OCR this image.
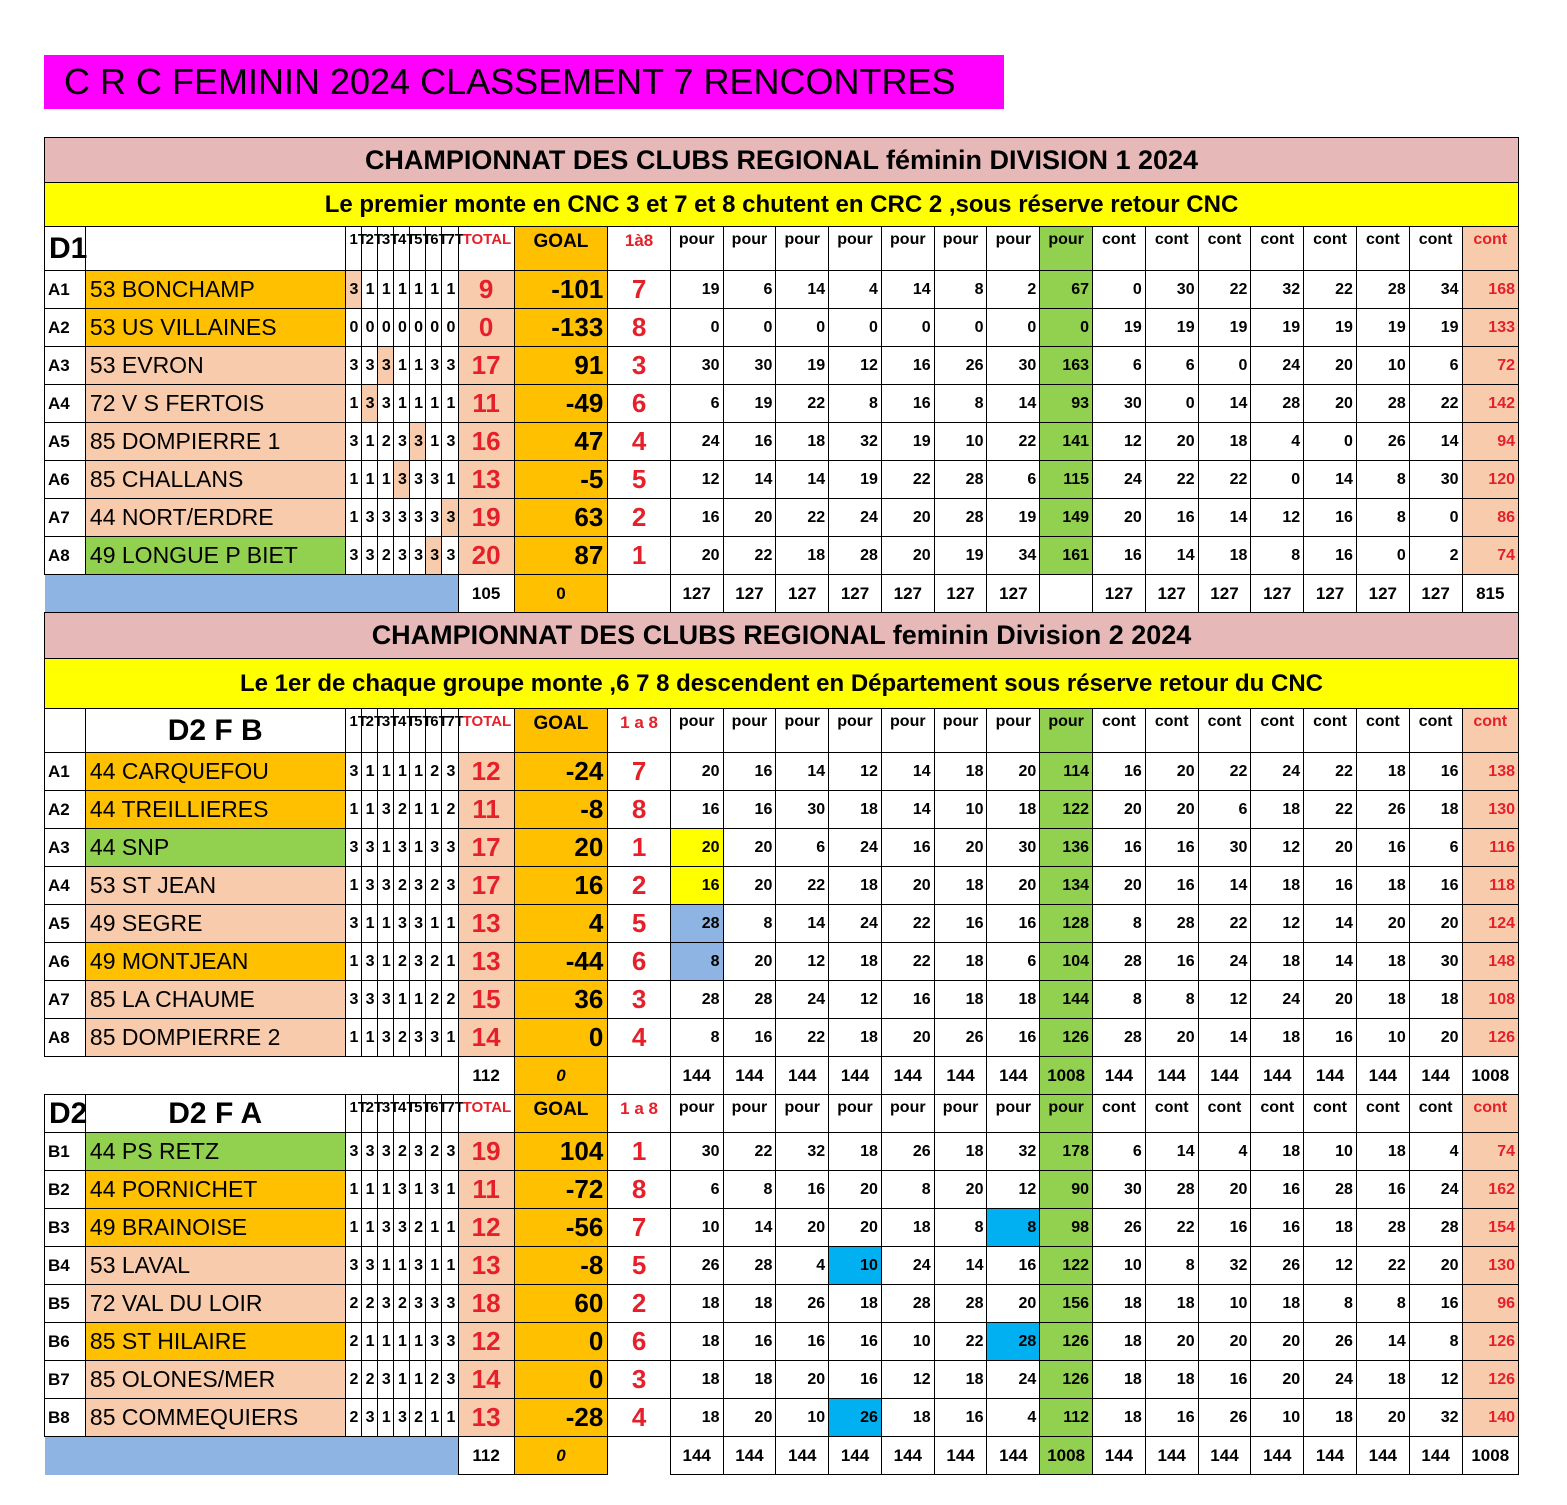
C R C FEMININ 2024 CLASSEMENT 7 RENCONTRES
CHAMPIONNAT DES CLUBS REGIONAL féminin DIVISION 1 2024																											
Le premier monte en CNC 3 et 7 et 8 chutent en CRC 2 ,sous réserve retour CNC																											
D1		1T	2T	3T	4T	5T	6T	7T	TOTAL	GOAL	1à8	pour	pour	pour	pour	pour	pour	pour	pour	cont	cont	cont	cont	cont	cont	cont	cont
A1	53 BONCHAMP	3	1	1	1	1	1	1	9	-101	7	19	6	14	4	14	8	2	67	0	30	22	32	22	28	34	168
A2	53 US VILLAINES	0	0	0	0	0	0	0	0	-133	8	0	0	0	0	0	0	0	0	19	19	19	19	19	19	19	133
A3	53 EVRON	3	3	3	1	1	3	3	17	91	3	30	30	19	12	16	26	30	163	6	6	0	24	20	10	6	72
A4	72 V S FERTOIS	1	3	3	1	1	1	1	11	-49	6	6	19	22	8	16	8	14	93	30	0	14	28	20	28	22	142
A5	85 DOMPIERRE 1	3	1	2	3	3	1	3	16	47	4	24	16	18	32	19	10	22	141	12	20	18	4	0	26	14	94
A6	85 CHALLANS	1	1	1	3	3	3	1	13	-5	5	12	14	14	19	22	28	6	115	24	22	22	0	14	8	30	120
A7	44 NORT/ERDRE	1	3	3	3	3	3	3	19	63	2	16	20	22	24	20	28	19	149	20	16	14	12	16	8	0	86
A8	49 LONGUE P BIET	3	3	2	3	3	3	3	20	87	1	20	22	18	28	20	19	34	161	16	14	18	8	16	0	2	74
									105	0		127	127	127	127	127	127	127		127	127	127	127	127	127	127	815
CHAMPIONNAT DES CLUBS REGIONAL feminin Division 2 2024																											
Le 1er de chaque groupe monte ,6 7 8 descendent en Département sous réserve retour du CNC																											
	D2 F B	1T	2T	3T	4T	5T	6T	7T	TOTAL	GOAL	1 a 8	pour	pour	pour	pour	pour	pour	pour	pour	cont	cont	cont	cont	cont	cont	cont	cont
A1	44 CARQUEFOU	3	1	1	1	1	2	3	12	-24	7	20	16	14	12	14	18	20	114	16	20	22	24	22	18	16	138
A2	44 TREILLIERES	1	1	3	2	1	1	2	11	-8	8	16	16	30	18	14	10	18	122	20	20	6	18	22	26	18	130
A3	44 SNP	3	3	1	3	1	3	3	17	20	1	20	20	6	24	16	20	30	136	16	16	30	12	20	16	6	116
A4	53 ST JEAN	1	3	3	2	3	2	3	17	16	2	16	20	22	18	20	18	20	134	20	16	14	18	16	18	16	118
A5	49 SEGRE	3	1	1	3	3	1	1	13	4	5	28	8	14	24	22	16	16	128	8	28	22	12	14	20	20	124
A6	49 MONTJEAN	1	3	1	2	3	2	1	13	-44	6	8	20	12	18	22	18	6	104	28	16	24	18	14	18	30	148
A7	85 LA CHAUME	3	3	3	1	1	2	2	15	36	3	28	28	24	12	16	18	18	144	8	8	12	24	20	18	18	108
A8	85 DOMPIERRE 2	1	1	3	2	3	3	1	14	0	4	8	16	22	18	20	26	16	126	28	20	14	18	16	10	20	126
									112	0		144	144	144	144	144	144	144	1008	144	144	144	144	144	144	144	1008
D2	D2 F A	1T	2T	3T	4T	5T	6T	7T	TOTAL	GOAL	1 a 8	pour	pour	pour	pour	pour	pour	pour	pour	cont	cont	cont	cont	cont	cont	cont	cont
B1	44 PS RETZ	3	3	3	2	3	2	3	19	104	1	30	22	32	18	26	18	32	178	6	14	4	18	10	18	4	74
B2	44 PORNICHET	1	1	1	3	1	3	1	11	-72	8	6	8	16	20	8	20	12	90	30	28	20	16	28	16	24	162
B3	49 BRAINOISE	1	1	3	3	2	1	1	12	-56	7	10	14	20	20	18	8	8	98	26	22	16	16	18	28	28	154
B4	53 LAVAL	3	3	1	1	3	1	1	13	-8	5	26	28	4	10	24	14	16	122	10	8	32	26	12	22	20	130
B5	72 VAL DU LOIR	2	2	3	2	3	3	3	18	60	2	18	18	26	18	28	28	20	156	18	18	10	18	8	8	16	96
B6	85 ST HILAIRE	2	1	1	1	1	3	3	12	0	6	18	16	16	16	10	22	28	126	18	20	20	20	26	14	8	126
B7	85 OLONES/MER	2	2	3	1	1	2	3	14	0	3	18	18	20	16	12	18	24	126	18	18	16	20	24	18	12	126
B8	85 COMMEQUIERS	2	3	1	3	2	1	1	13	-28	4	18	20	10	26	18	16	4	112	18	16	26	10	18	20	32	140
									112	0		144	144	144	144	144	144	144	1008	144	144	144	144	144	144	144	1008
